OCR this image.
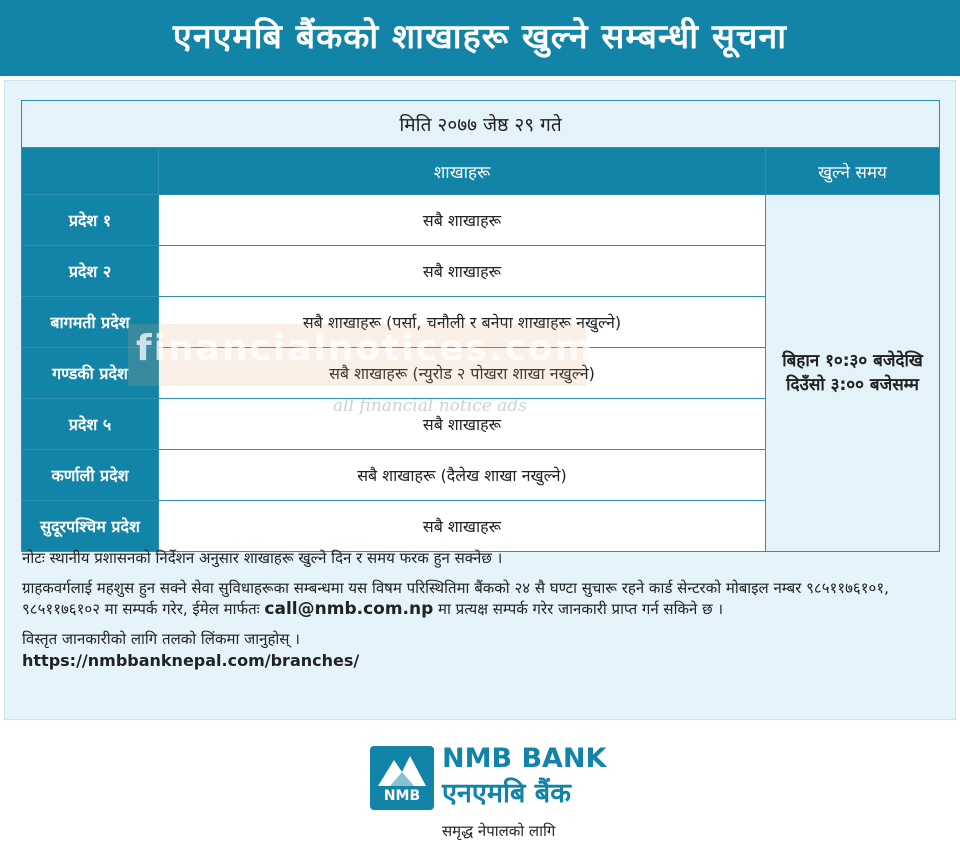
एनएमबि बैंकको शाखाहरू खुल्ने सम्बन्धी सूचना
मिति २०७७ जेष्ठ २९ गते		
	शाखाहरू	खुल्ने समय
प्रदेश १	सबै शाखाहरू	बिहान १०:३० बजेदेखि
दिउँसो ३:०० बजेसम्म
प्रदेश २	सबै शाखाहरू	
बागमती प्रदेश	सबै शाखाहरू (पर्सा, चनौली र बनेपा शाखाहरू नखुल्ने)	
गण्डकी प्रदेश	सबै शाखाहरू (न्युरोड २ पोखरा शाखा नखुल्ने)	
प्रदेश ५	सबै शाखाहरू	
कर्णाली प्रदेश	सबै शाखाहरू (दैलेख शाखा नखुल्ने)	
सुदूरपश्चिम प्रदेश	सबै शाखाहरू	
financialnotices.com
all financial notice ads

नोटः स्थानीय प्रशासनको निर्देशन अनुसार शाखाहरू खुल्ने दिन र समय फरक हुन सक्नेछ ।

ग्राहकवर्गलाई महशुस हुन सक्ने सेवा सुविधाहरूका सम्बन्धमा यस विषम परिस्थितिमा बैंकको २४ सै घण्टा सुचारू रहने कार्ड सेन्टरको मोबाइल नम्बर ९८५११७६१०१, ९८५११७६१०२ मा सम्पर्क गरेर, ईमेल मार्फतः call@nmb.com.np मा प्रत्यक्ष सम्पर्क गरेर जानकारी प्राप्त गर्न सकिने छ ।

विस्तृत जानकारीको लागि तलको लिंकमा जानुहोस् ।

https://nmbbanknepal.com/branches/
NMB
NMB BANK
एनएमबि बैंक
समृद्ध नेपालको लागि
